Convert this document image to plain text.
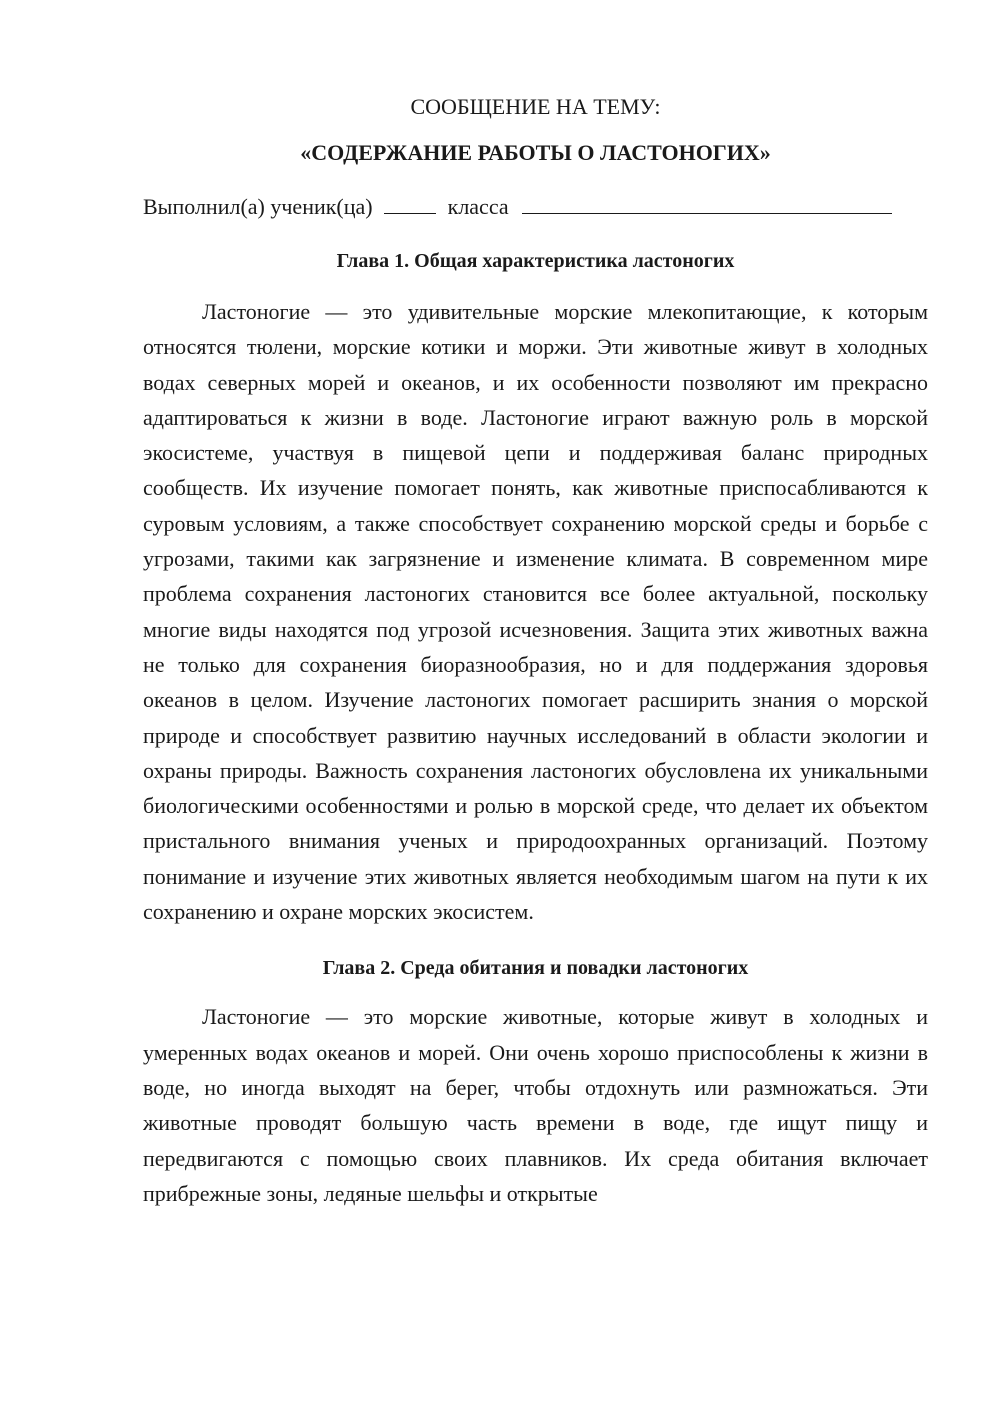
СООБЩЕНИЕ НА ТЕМУ:

«СОДЕРЖАНИЕ РАБОТЫ О ЛАСТОНОГИХ»

Выполнил(а) ученик(ца)	класса
Глава 1. Общая характеристика ластоногих

Ластоногие — это удивительные морские млекопитающие, к которым относятся тюлени, морские котики и моржи. Эти животные живут в холодных водах северных морей и океанов, и их особенности позволяют им прекрасно адаптироваться к жизни в воде. Ластоногие играют важную роль в морской экосистеме, участвуя в пищевой цепи и поддерживая баланс природных сообществ. Их изучение помогает понять, как животные приспосабливаются к суровым условиям, а также способствует сохранению морской среды и борьбе с угрозами, такими как загрязнение и изменение климата. В современном мире проблема сохранения ластоногих становится все более актуальной, поскольку многие виды находятся под угрозой исчезновения. Защита этих животных важна не только для сохранения биоразнообразия, но и для поддержания здоровья океанов в целом. Изучение ластоногих помогает расширить знания о морской природе и способствует развитию научных исследований в области экологии и охраны природы. Важность сохранения ластоногих обусловлена их уникальными биологическими особенностями и ролью в морской среде, что делает их объектом пристального внимания ученых и природоохранных организаций. Поэтому понимание и изучение этих животных является необходимым шагом на пути к их сохранению и охране морских экосистем.

Глава 2. Среда обитания и повадки ластоногих

Ластоногие — это морские животные, которые живут в холодных и умеренных водах океанов и морей. Они очень хорошо приспособлены к жизни в воде, но иногда выходят на берег, чтобы отдохнуть или размножаться. Эти животные проводят большую часть времени в воде, где ищут пищу и передвигаются с помощью своих плавников. Их среда обитания включает прибрежные зоны, ледяные шельфы и открытые
